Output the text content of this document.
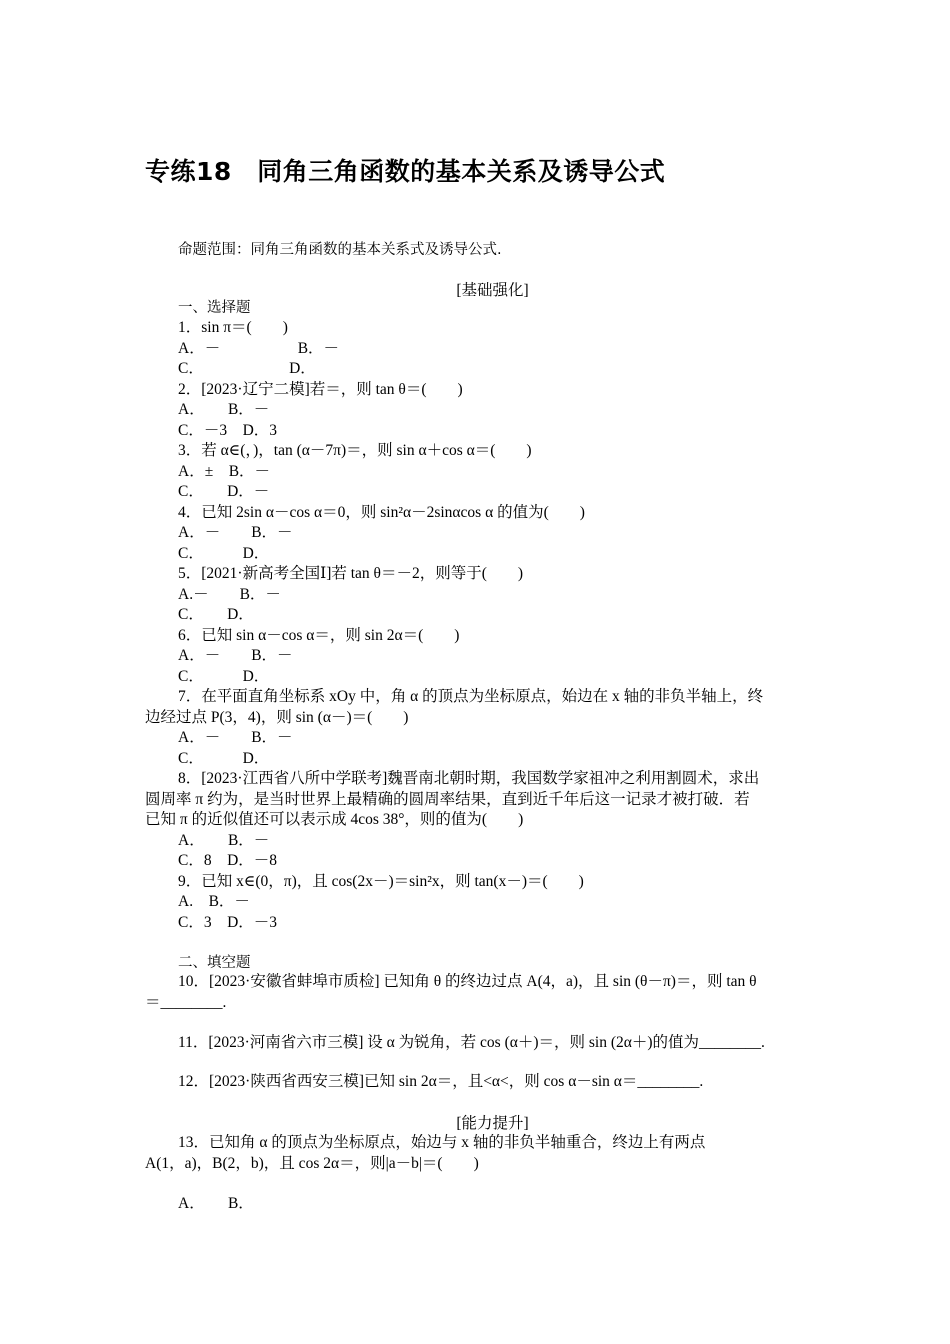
专练18　同角三角函数的基本关系及诱导公式
命题范围：同角三角函数的基本关系式及诱导公式.
[基础强化]
一、选择题
1．sin π＝(　　)
A．－　　　　　B．－
C．　　　　　　D．
2．[2023·辽宁二模]若＝，则 tan θ＝(　　)
A．　　B．－
C．－3　D．3
3．若 α∈(，)，tan (α－7π)＝，则 sin α＋cos α＝(　　)
A．±　B．－
C．　　D．－
4．已知 2sin α－cos α＝0，则 sin²α－2sinαcos α 的值为(　　)
A．－　　B．－
C．　　　D．
5．[2021·新高考全国Ⅰ]若 tan θ＝－2，则等于(　　)
A.－　　B．－
C．　　D．
6．已知 sin α－cos α＝，则 sin 2α＝(　　)
A．－　　B．－
C．　　　D．
7．在平面直角坐标系 xOy 中，角 α 的顶点为坐标原点，始边在 x 轴的非负半轴上，终
边经过点 P(3，4)，则 sin (α－)＝(　　)
A．－　　B．－
C．　　　D．
8．[2023·江西省八所中学联考]魏晋南北朝时期，我国数学家祖冲之利用割圆术，求出
圆周率 π 约为，是当时世界上最精确的圆周率结果，直到近千年后这一记录才被打破．若
已知 π 的近似值还可以表示成 4cos 38°，则的值为(　　)
A．　　B．－
C．8　D．－8
9．已知 x∈(0，π)，且 cos(2x－)＝sin²x，则 tan(x－)＝(　　)
A.　B．－
C．3　D．－3
二、填空题
10．[2023·安徽省蚌埠市质检] 已知角 θ 的终边过点 A(4，a)，且 sin (θ－π)＝，则 tan θ
＝________.
11．[2023·河南省六市三模] 设 α 为锐角，若 cos (α＋)＝，则 sin (2α＋)的值为________.
12．[2023·陕西省西安三模]已知 sin 2α＝，且<α<，则 cos α－sin α＝________.
[能力提升]
13．已知角 α 的顶点为坐标原点，始边与 x 轴的非负半轴重合，终边上有两点
A(1，a)，B(2，b)，且 cos 2α＝，则|a－b|＝(　　)
A．　　B．
